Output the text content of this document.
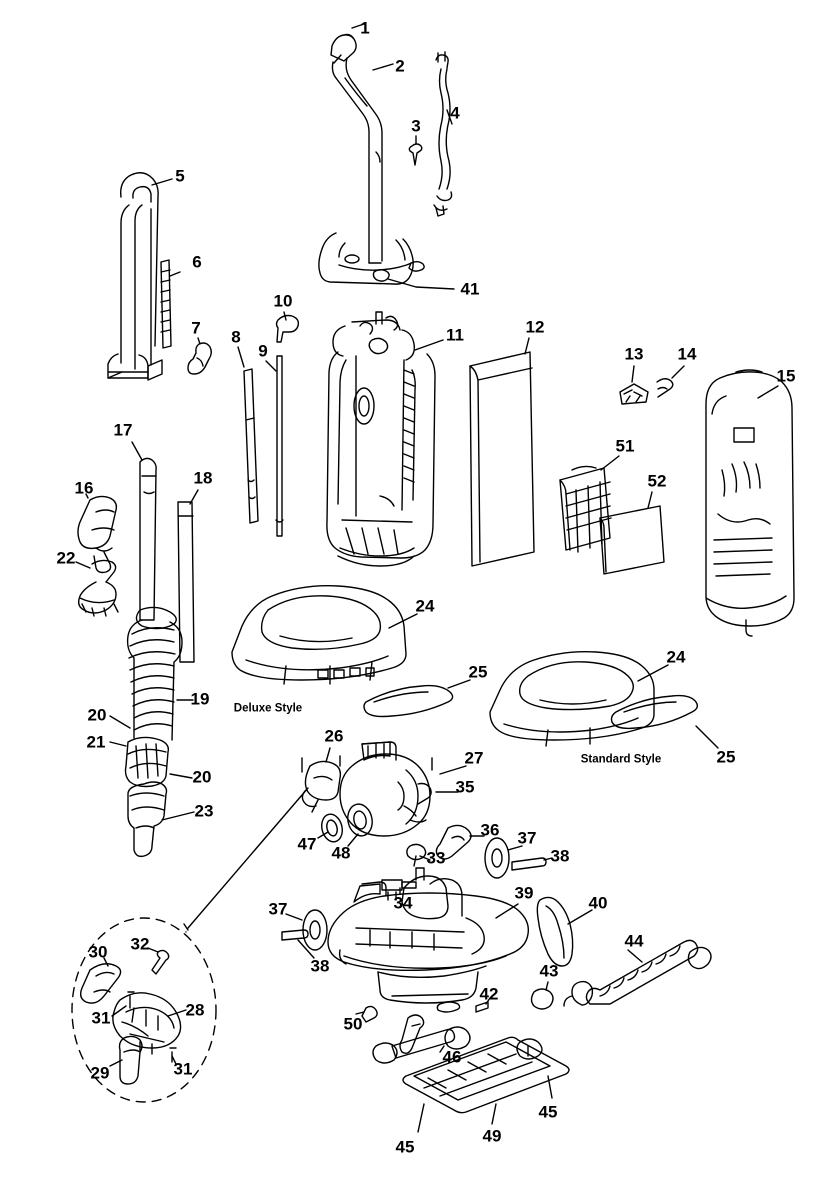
1
2
3
4
5
6
7 8
9
10
11	12
13 14
15
16
17
18
19
20
20
21
22
23
24
24
25
25
26
27
28
29
30
31
31
32
33
34
35
36 37
37
38
38
39
40
41
42
43
44
45
45
46
47 48
49
50
51
52
Deluxe Style
Standard Style
